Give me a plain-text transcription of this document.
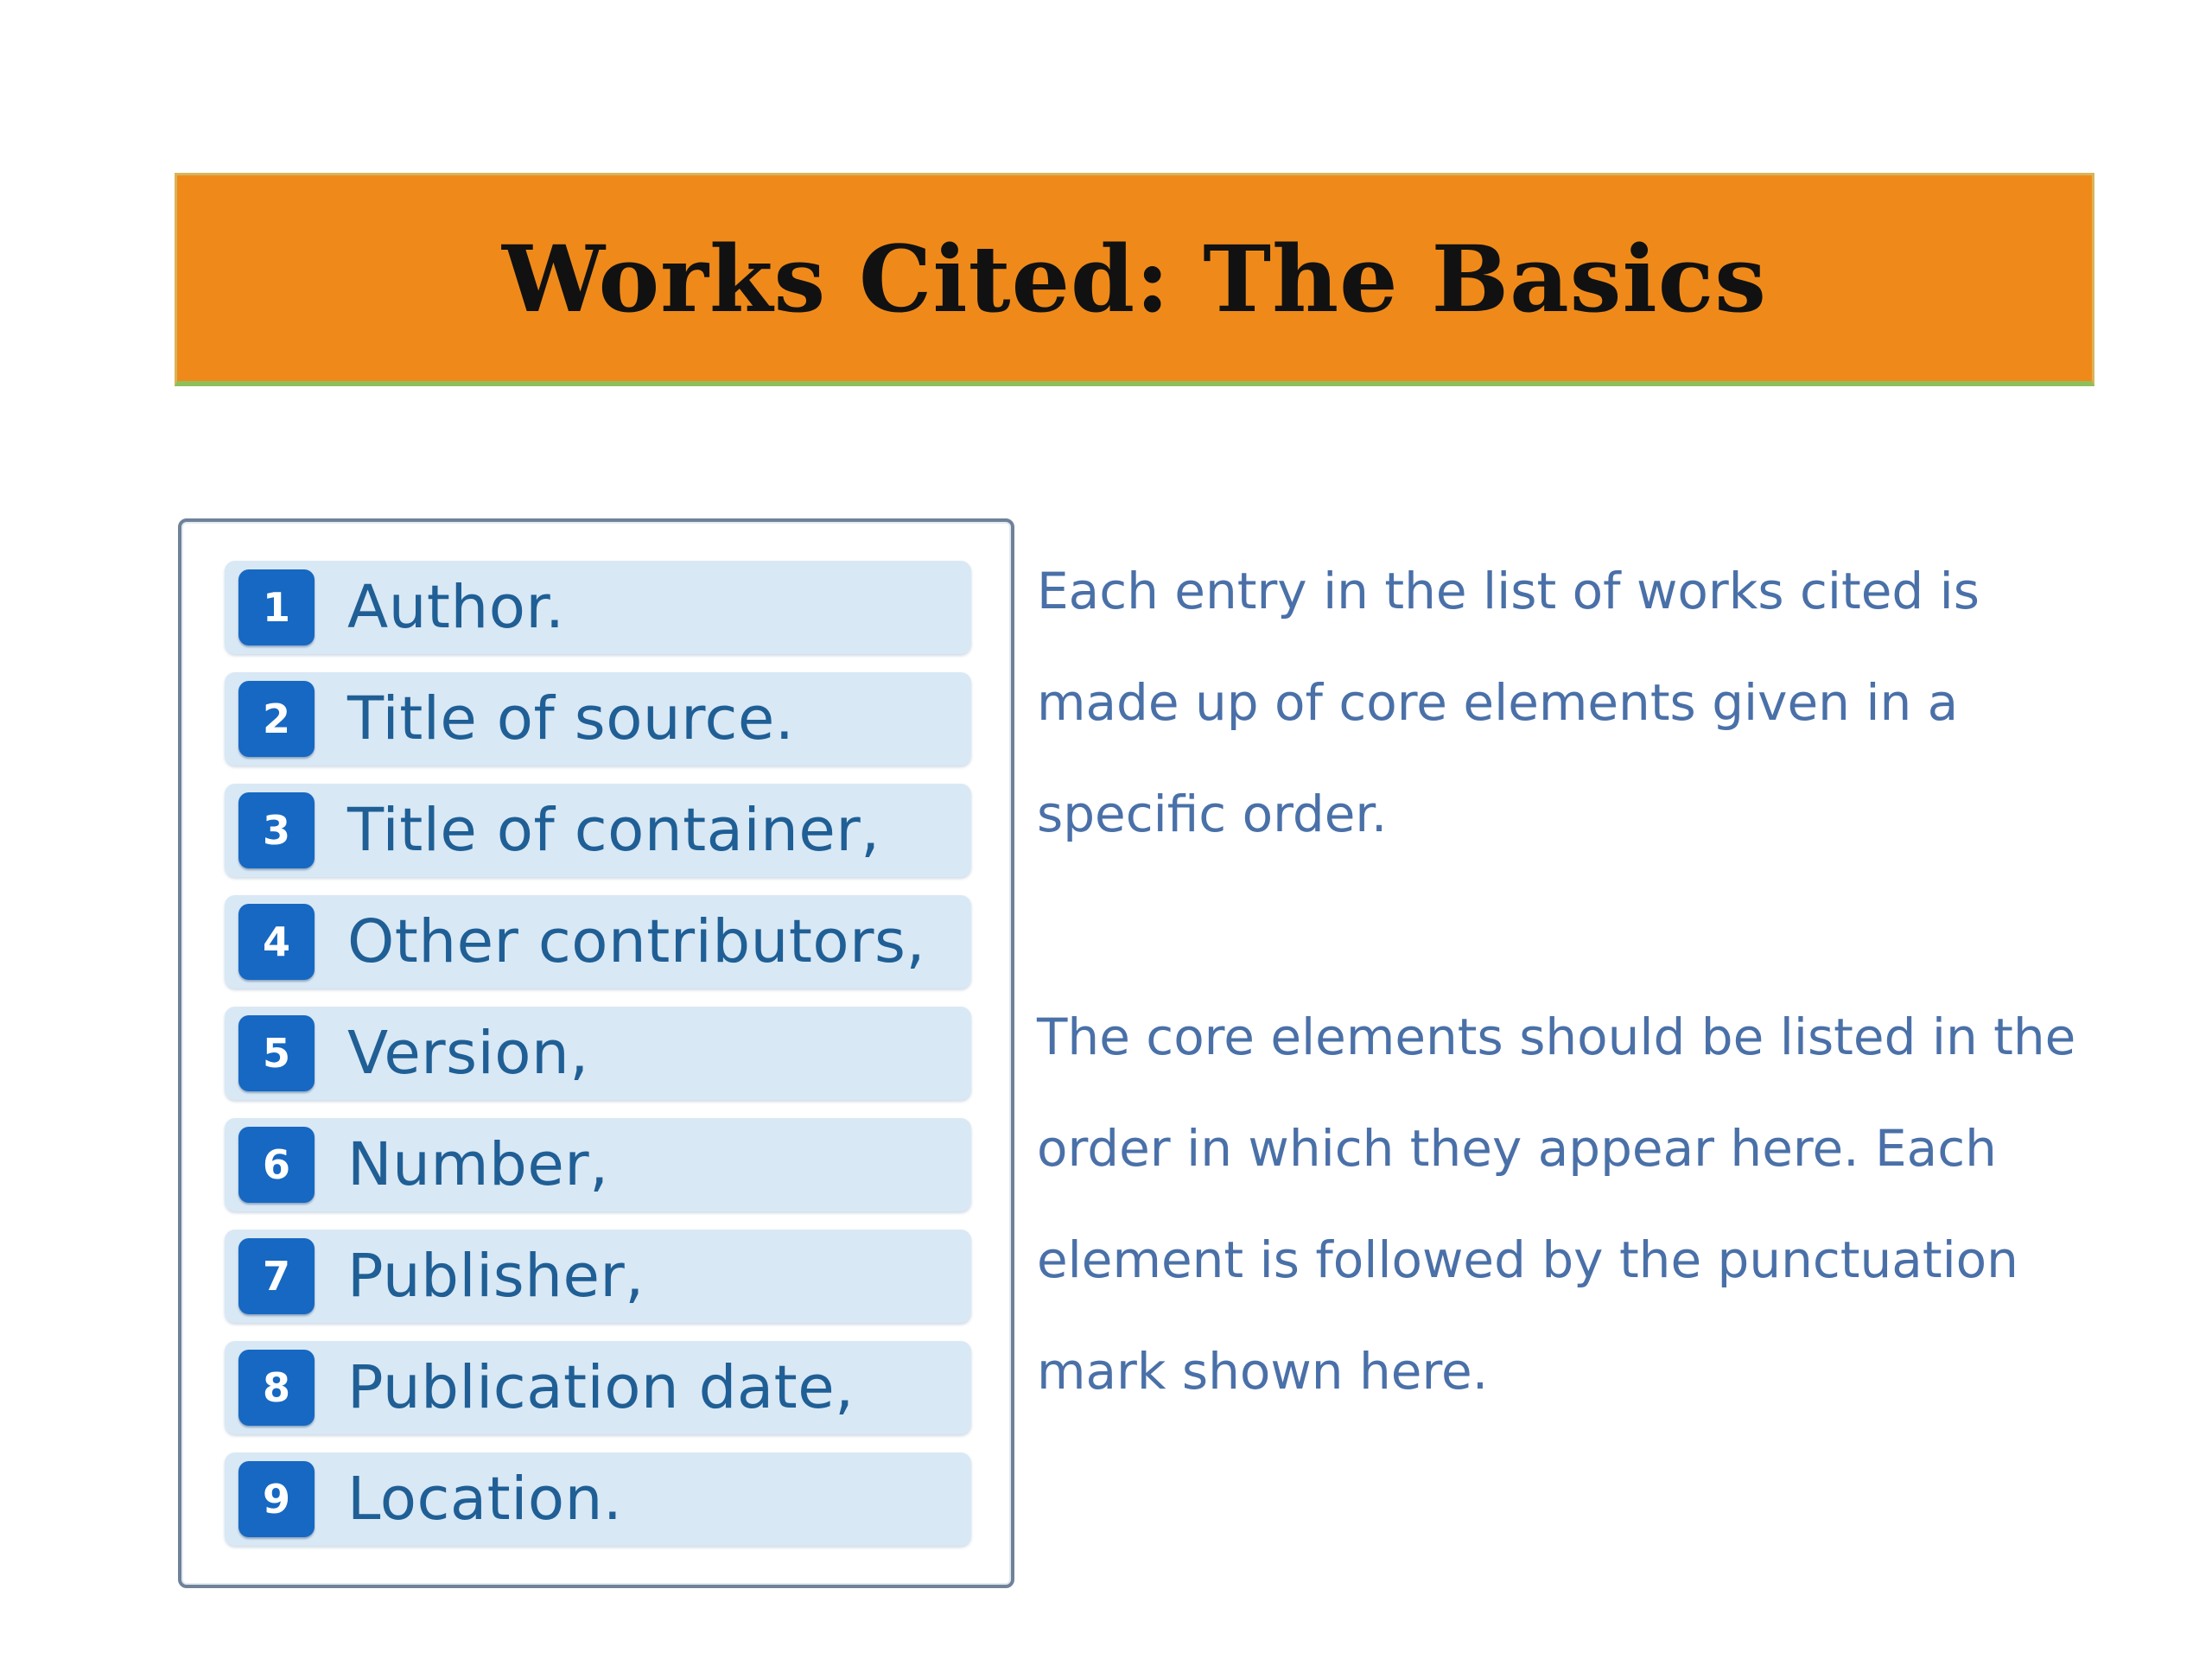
Works Cited: The Basics
1 Author.
2 Title of source.
3 Title of container,
4 Other contributors,
5 Version,
6 Number,
7 Publisher,
8 Publication date,
9 Location.

Each entry in the list of works cited is made up of core elements given in a specific order.

The core elements should be listed in the order in which they appear here. Each element is followed by the punctuation mark shown here.
